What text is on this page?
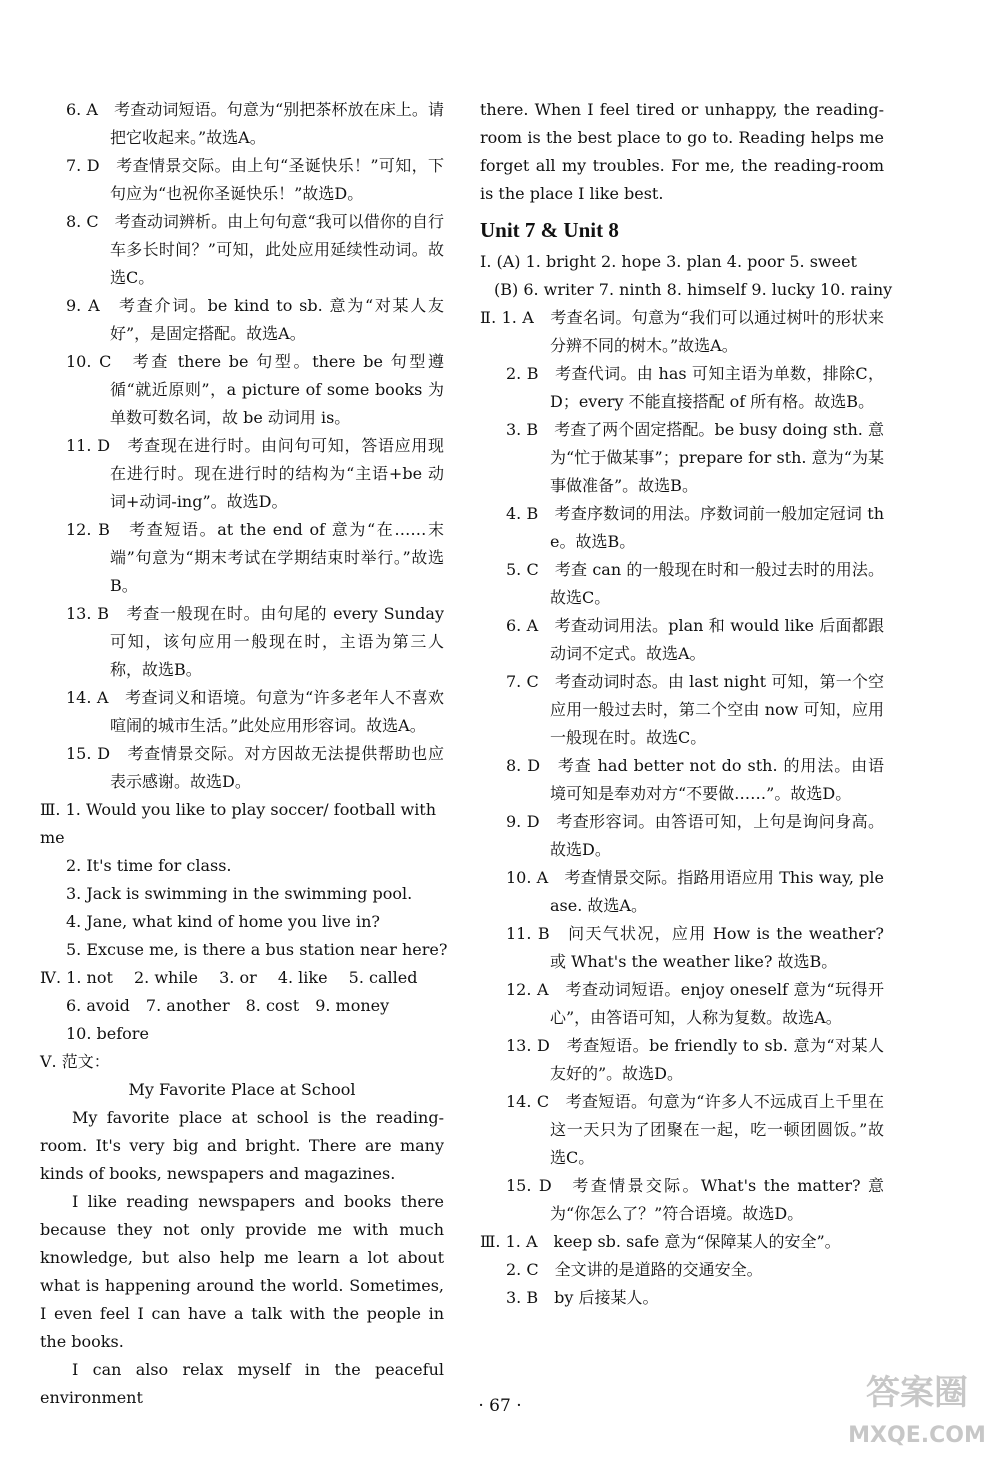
6. A　考查动词短语。句意为“别把茶杯放在床上。请把它收起来。”故选A。

7. D　考查情景交际。由上句“圣诞快乐！”可知，下句应为“也祝你圣诞快乐！”故选D。

8. C　考查动词辨析。由上句句意“我可以借你的自行车多长时间？”可知，此处应用延续性动词。故选C。

9. A　考查介词。be kind to sb. 意为“对某人友好”，是固定搭配。故选A。

10. C　考查 there be 句型。there be 句型遵循“就近原则”，a picture of some books 为单数可数名词，故 be 动词用 is。

11. D　考查现在进行时。由问句可知，答语应用现在进行时。现在进行时的结构为“主语+be 动词+动词-ing”。故选D。

12. B　考查短语。at the end of 意为“在……末端”句意为“期末考试在学期结束时举行。”故选B。

13. B　考查一般现在时。由句尾的 every Sunday 可知，该句应用一般现在时，主语为第三人称，故选B。

14. A　考查词义和语境。句意为“许多老年人不喜欢喧闹的城市生活。”此处应用形容词。故选A。

15. D　考查情景交际。对方因故无法提供帮助也应表示感谢。故选D。

Ⅲ. 1. Would you like to play soccer/ football with me
2. It's time for class.
3. Jack is swimming in the swimming pool.
4. Jane, what kind of home you live in?
5. Excuse me, is there a bus station near here?
Ⅳ. 1. not　 2. while　 3. or　 4. like　 5. called
6. avoid　7. another　8. cost　9. money
10. before
Ⅴ. 范文：
My Favorite Place at School
My favorite place at school is the reading-room. It's very big and bright. There are many kinds of books, newspapers and magazines.
I like reading newspapers and books there because they not only provide me with much knowledge, but also help me learn a lot about what is happening around the world. Sometimes, I even feel I can have a talk with the people in the books.
I can also relax myself in the peaceful environment
there. When I feel tired or unhappy, the reading-room is the best place to go to. Reading helps me forget all my troubles. For me, the reading-room is the place I like best.
Unit 7 & Unit 8
Ⅰ. (A) 1. bright 2. hope 3. plan 4. poor 5. sweet
(B) 6. writer 7. ninth 8. himself 9. lucky 10. rainy

Ⅱ. 1. A　考查名词。句意为“我们可以通过树叶的形状来分辨不同的树木。”故选A。

2. B　考查代词。由 has 可知主语为单数，排除C，D；every 不能直接搭配 of 所有格。故选B。

3. B　考查了两个固定搭配。be busy doing sth. 意为“忙于做某事”；prepare for sth. 意为“为某事做准备”。故选B。

4. B　考查序数词的用法。序数词前一般加定冠词 the。故选B。

5. C　考查 can 的一般现在时和一般过去时的用法。故选C。

6. A　考查动词用法。plan 和 would like 后面都跟动词不定式。故选A。

7. C　考查动词时态。由 last night 可知，第一个空应用一般过去时，第二个空由 now 可知，应用一般现在时。故选C。

8. D　考查 had better not do sth. 的用法。由语境可知是奉劝对方“不要做……”。故选D。

9. D　考查形容词。由答语可知，上句是询问身高。故选D。

10. A　考查情景交际。指路用语应用 This way, please. 故选A。

11. B　问天气状况，应用 How is the weather? 或 What's the weather like? 故选B。

12. A　考查动词短语。enjoy oneself 意为“玩得开心”，由答语可知，人称为复数。故选A。

13. D　考查短语。be friendly to sb. 意为“对某人友好的”。故选D。

14. C　考查短语。句意为“许多人不远成百上千里在这一天只为了团聚在一起，吃一顿团圆饭。”故选C。

15. D　考查情景交际。What's the matter? 意为“你怎么了？”符合语境。故选D。

Ⅲ. 1. A　keep sb. safe 意为“保障某人的安全”。
2. C　全文讲的是道路的交通安全。
3. B　by 后接某人。
· 67 ·	答案圈
MXQE.COM
